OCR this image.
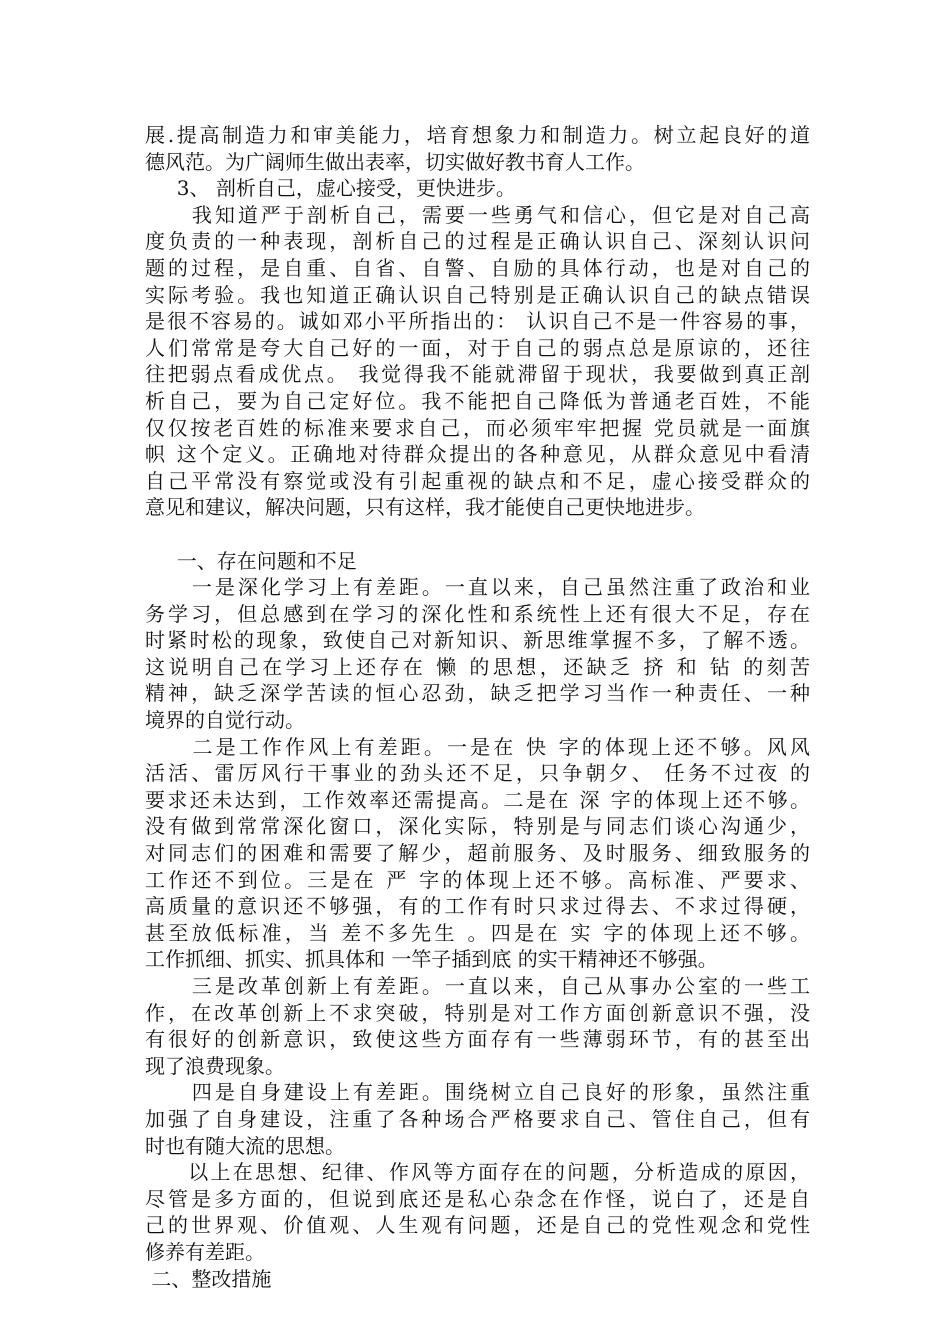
展.提高制造力和审美能力，培育想象力和制造力。树立起良好的道
德风范。为广阔师生做出表率，切实做好教书育人工作。
3、 剖析自己，虚心接受，更快进步。
我知道严于剖析自己，需要一些勇气和信心，但它是对自己高
度负责的一种表现，剖析自己的过程是正确认识自己、深刻认识问
题的过程，是自重、自省、自警、自励的具体行动，也是对自己的
实际考验。我也知道正确认识自己特别是正确认识自己的缺点错误
是很不容易的。诚如邓小平所指出的： 认识自己不是一件容易的事，
人们常常是夸大自己好的一面，对于自己的弱点总是原谅的，还往
往把弱点看成优点。 我觉得我不能就滞留于现状，我要做到真正剖
析自己，要为自己定好位。我不能把自己降低为普通老百姓，不能
仅仅按老百姓的标准来要求自己，而必须牢牢把握 党员就是一面旗
帜 这个定义。正确地对待群众提出的各种意见，从群众意见中看清
自己平常没有察觉或没有引起重视的缺点和不足，虚心接受群众的
意见和建议，解决问题，只有这样，我才能使自己更快地进步。
一、存在问题和不足
一是深化学习上有差距。一直以来，自己虽然注重了政治和业
务学习，但总感到在学习的深化性和系统性上还有很大不足，存在
时紧时松的现象，致使自己对新知识、新思维掌握不多，了解不透。
这说明自己在学习上还存在 懒 的思想，还缺乏 挤 和 钻 的刻苦
精神，缺乏深学苦读的恒心忍劲，缺乏把学习当作一种责任、一种
境界的自觉行动。
二是工作作风上有差距。一是在 快 字的体现上还不够。风风
活活、雷厉风行干事业的劲头还不足，只争朝夕、 任务不过夜 的
要求还未达到，工作效率还需提高。二是在 深 字的体现上还不够。
没有做到常常深化窗口，深化实际，特别是与同志们谈心沟通少，
对同志们的困难和需要了解少，超前服务、及时服务、细致服务的
工作还不到位。三是在 严 字的体现上还不够。高标准、严要求、
高质量的意识还不够强，有的工作有时只求过得去、不求过得硬，
甚至放低标准，当 差不多先生 。四是在 实 字的体现上还不够。
工作抓细、抓实、抓具体和 一竿子插到底 的实干精神还不够强。
三是改革创新上有差距。一直以来，自己从事办公室的一些工
作，在改革创新上不求突破，特别是对工作方面创新意识不强，没
有很好的创新意识，致使这些方面存有一些薄弱环节，有的甚至出
现了浪费现象。
四是自身建设上有差距。围绕树立自己良好的形象，虽然注重
加强了自身建设，注重了各种场合严格要求自己、管住自己，但有
时也有随大流的思想。
以上在思想、纪律、作风等方面存在的问题，分析造成的原因，
尽管是多方面的，但说到底还是私心杂念在作怪，说白了，还是自
己的世界观、价值观、人生观有问题，还是自己的党性观念和党性
修养有差距。
二、整改措施
